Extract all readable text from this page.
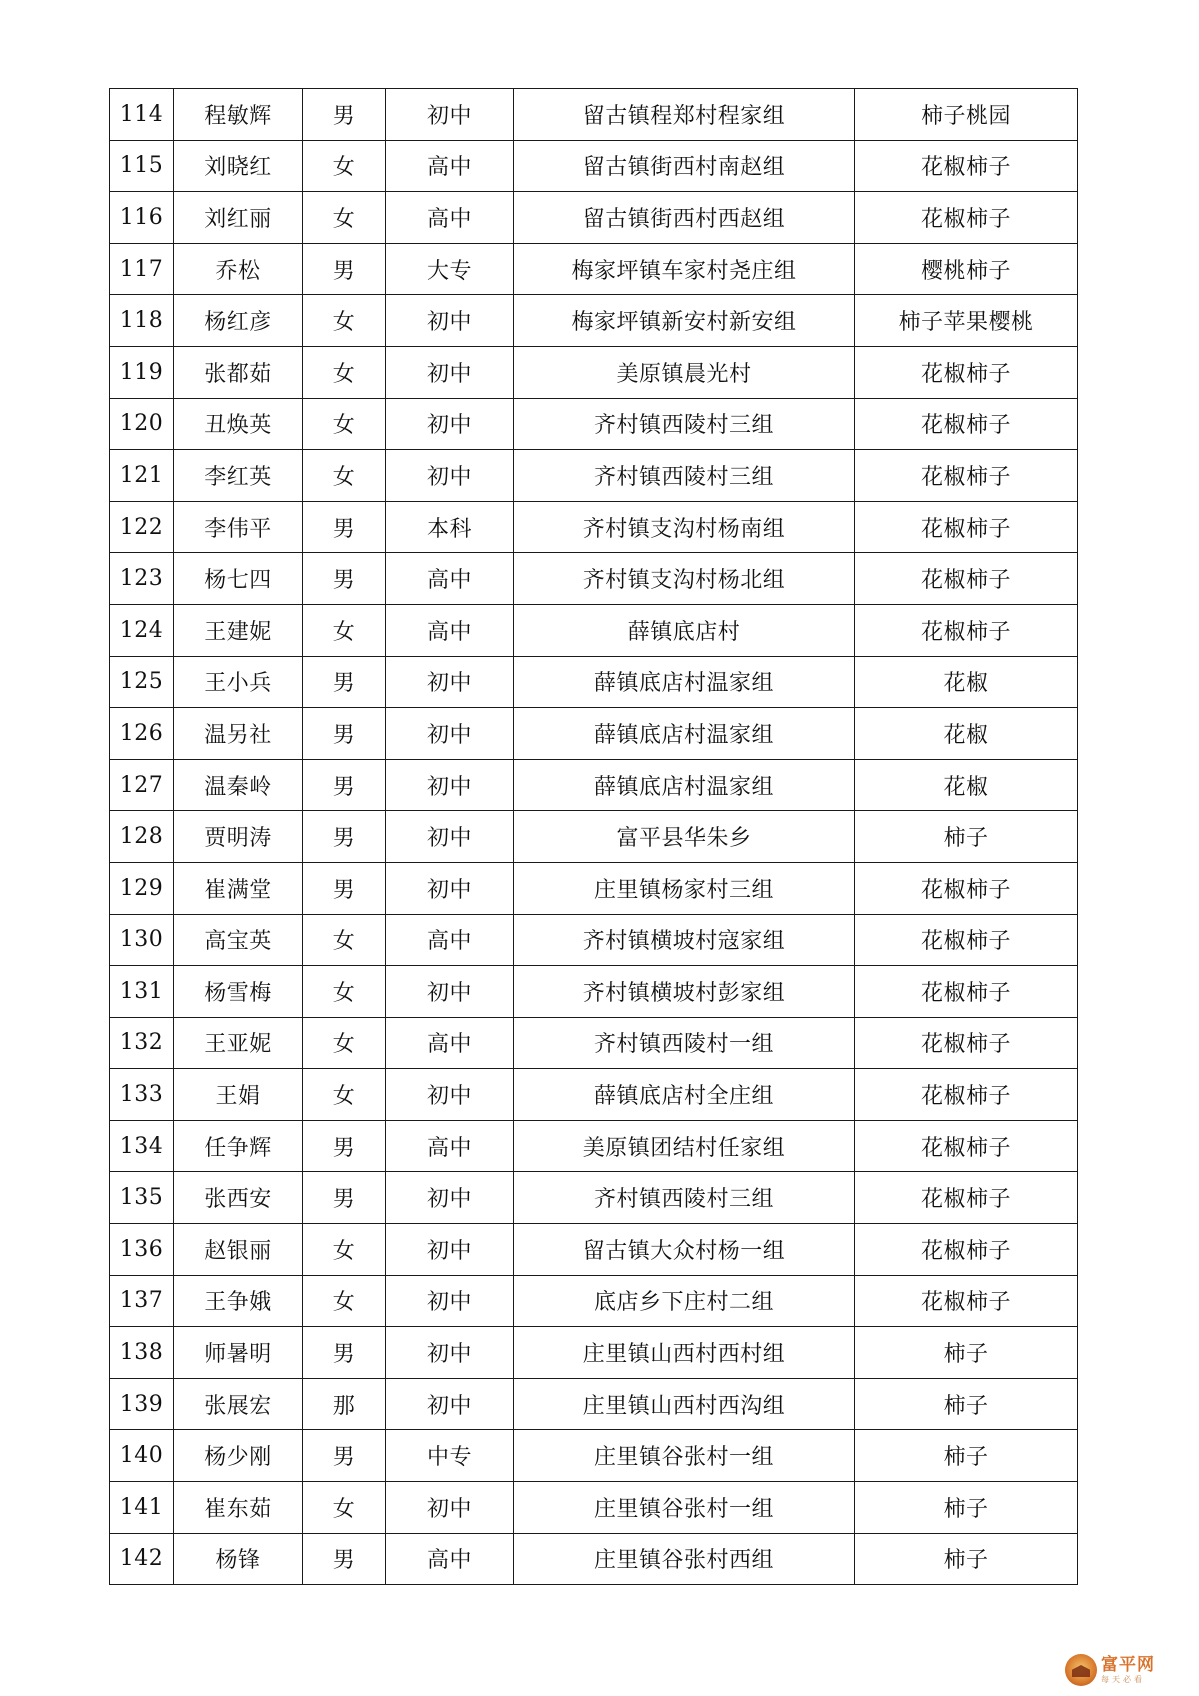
114	程敏辉	男	初中	留古镇程郑村程家组	柿子桃园
115	刘晓红	女	高中	留古镇街西村南赵组	花椒柿子
116	刘红丽	女	高中	留古镇街西村西赵组	花椒柿子
117	乔松	男	大专	梅家坪镇车家村尧庄组	樱桃柿子
118	杨红彦	女	初中	梅家坪镇新安村新安组	柿子苹果樱桃
119	张都茹	女	初中	美原镇晨光村	花椒柿子
120	丑焕英	女	初中	齐村镇西陵村三组	花椒柿子
121	李红英	女	初中	齐村镇西陵村三组	花椒柿子
122	李伟平	男	本科	齐村镇支沟村杨南组	花椒柿子
123	杨七四	男	高中	齐村镇支沟村杨北组	花椒柿子
124	王建妮	女	高中	薛镇底店村	花椒柿子
125	王小兵	男	初中	薛镇底店村温家组	花椒
126	温另社	男	初中	薛镇底店村温家组	花椒
127	温秦岭	男	初中	薛镇底店村温家组	花椒
128	贾明涛	男	初中	富平县华朱乡	柿子
129	崔满堂	男	初中	庄里镇杨家村三组	花椒柿子
130	高宝英	女	高中	齐村镇横坡村寇家组	花椒柿子
131	杨雪梅	女	初中	齐村镇横坡村彭家组	花椒柿子
132	王亚妮	女	高中	齐村镇西陵村一组	花椒柿子
133	王娟	女	初中	薛镇底店村全庄组	花椒柿子
134	任争辉	男	高中	美原镇团结村任家组	花椒柿子
135	张西安	男	初中	齐村镇西陵村三组	花椒柿子
136	赵银丽	女	初中	留古镇大众村杨一组	花椒柿子
137	王争娥	女	初中	底店乡下庄村二组	花椒柿子
138	师暑明	男	初中	庄里镇山西村西村组	柿子
139	张展宏	那	初中	庄里镇山西村西沟组	柿子
140	杨少刚	男	中专	庄里镇谷张村一组	柿子
141	崔东茹	女	初中	庄里镇谷张村一组	柿子
142	杨锋	男	高中	庄里镇谷张村西组	柿子
富平网
每天必看
